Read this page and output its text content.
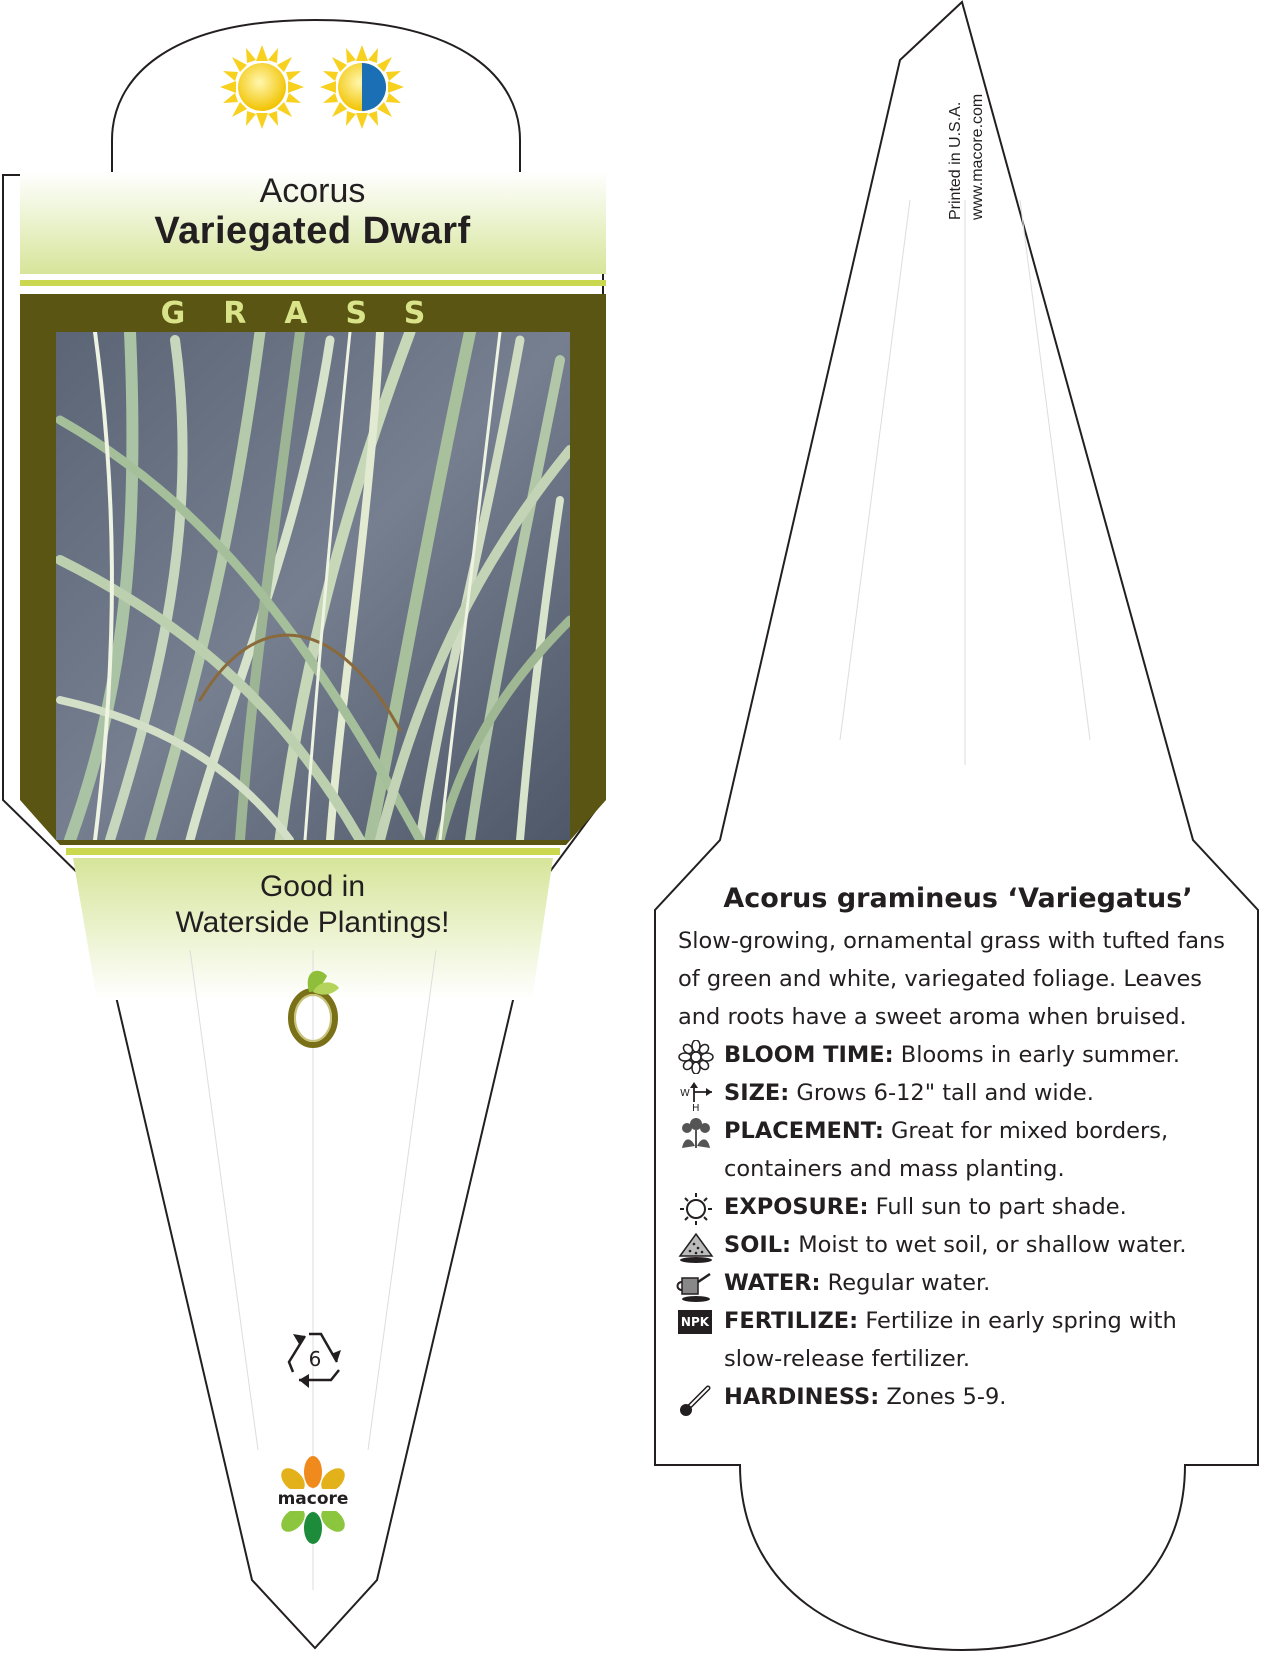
Acorus
Variegated Dwarf
GRASS
Good in
Waterside Plantings!
6
macore
Printed in U.S.A. www.macore.com
Acorus gramineus ‘Variegatus’
Slow-growing, ornamental grass with tufted fans of green and white, variegated foliage. Leaves and roots have a sweet aroma when bruised.
BLOOM TIME: Blooms in early summer.
W
H
SIZE: Grows 6-12" tall and wide.
PLACEMENT: Great for mixed borders, containers and mass planting.
EXPOSURE: Full sun to part shade.
SOIL: Moist to wet soil, or shallow water.
WATER: Regular water.
NPK FERTILIZE: Fertilize in early spring with slow-release fertilizer.
HARDINESS: Zones 5-9.
